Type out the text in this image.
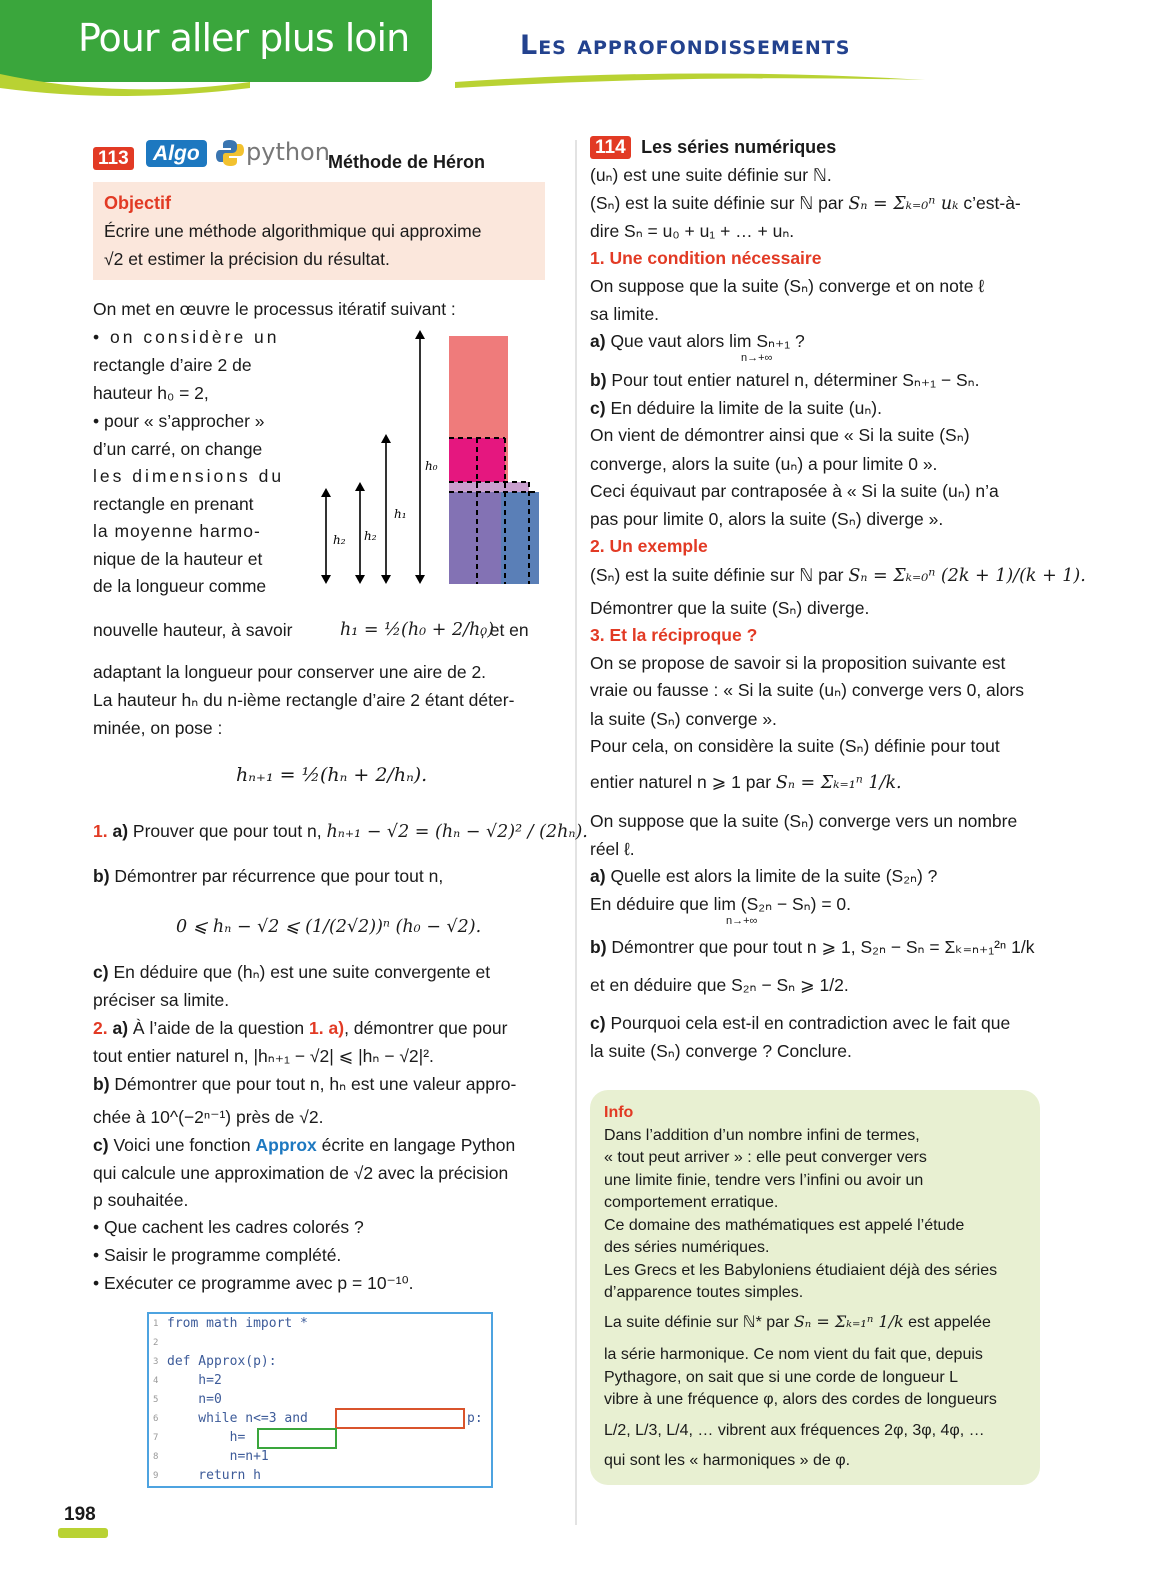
Pour aller plus loin	Les approfondissements
113	Algo python
Méthode de Héron
Objectif
Écrire une méthode algorithmique qui approxime
√2 et estimer la précision du résultat.
On met en œuvre le processus itératif suivant :
• on considère un
rectangle d’aire 2 de
hauteur h₀ = 2,
• pour « s’approcher »
d’un carré, on change
les dimensions du
rectangle en prenant
la moyenne harmo-
nique de la hauteur et
de la longueur comme
h₀
h₁
h₂
h₂
nouvelle hauteur, à savoir	h₁ = ½(h₀ + 2/h₀)
, et en
adaptant la longueur pour conserver une aire de 2.
La hauteur hₙ du n-ième rectangle d’aire 2 étant déter-
minée, on pose :
hₙ₊₁ = ½(hₙ + 2/hₙ).
1. a) Prouver que pour tout n, hₙ₊₁ − √2 = (hₙ − √2)² / (2hₙ).
b) Démontrer par récurrence que pour tout n,
0 ⩽ hₙ − √2 ⩽ (1/(2√2))ⁿ (h₀ − √2).
c) En déduire que (hₙ) est une suite convergente et
préciser sa limite.
2. a) À l’aide de la question 1. a), démontrer que pour
tout entier naturel n, |hₙ₊₁ − √2| ⩽ |hₙ − √2|².
b) Démontrer que pour tout n, hₙ est une valeur appro-
chée à 10^(−2ⁿ⁻¹) près de √2.
c) Voici une fonction Approx écrite en langage Python
qui calcule une approximation de √2 avec la précision
p souhaitée.
• Que cachent les cadres colorés ?
• Saisir le programme complété.
• Exécuter ce programme avec p = 10⁻¹⁰.
1
2
3
4
5
6
7
8
9
from math import *
def Approx(p):
h=2
n=0
while n<=3 and	p:
h=
n=n+1
return h
114 Les séries numériques
(uₙ) est une suite définie sur ℕ.
(Sₙ) est la suite définie sur ℕ par Sₙ = Σₖ₌₀ⁿ uₖ c’est-à-
dire Sₙ = u₀ + u₁ + … + uₙ.
1. Une condition nécessaire
On suppose que la suite (Sₙ) converge et on note ℓ
sa limite.
a) Que vaut alors lim Sₙ₊₁ ?
n→+∞
b) Pour tout entier naturel n, déterminer Sₙ₊₁ − Sₙ.
c) En déduire la limite de la suite (uₙ).
On vient de démontrer ainsi que « Si la suite (Sₙ)
converge, alors la suite (uₙ) a pour limite 0 ».
Ceci équivaut par contraposée à « Si la suite (uₙ) n’a
pas pour limite 0, alors la suite (Sₙ) diverge ».
2. Un exemple
(Sₙ) est la suite définie sur ℕ par Sₙ = Σₖ₌₀ⁿ (2k + 1)/(k + 1).
Démontrer que la suite (Sₙ) diverge.
3. Et la réciproque ?
On se propose de savoir si la proposition suivante est
vraie ou fausse : « Si la suite (uₙ) converge vers 0, alors
la suite (Sₙ) converge ».
Pour cela, on considère la suite (Sₙ) définie pour tout
entier naturel n ⩾ 1 par Sₙ = Σₖ₌₁ⁿ 1/k.
On suppose que la suite (Sₙ) converge vers un nombre
réel ℓ.
a) Quelle est alors la limite de la suite (S₂ₙ) ?
En déduire que lim (S₂ₙ − Sₙ) = 0.
n→+∞
b) Démontrer que pour tout n ⩾ 1, S₂ₙ − Sₙ = Σₖ₌ₙ₊₁²ⁿ 1/k
et en déduire que S₂ₙ − Sₙ ⩾ 1/2.
c) Pourquoi cela est-il en contradiction avec le fait que
la suite (Sₙ) converge ? Conclure.
Info
Dans l’addition d’un nombre infini de termes,
« tout peut arriver » : elle peut converger vers
une limite finie, tendre vers l’infini ou avoir un
comportement erratique.
Ce domaine des mathématiques est appelé l’étude
des séries numériques.
Les Grecs et les Babyloniens étudiaient déjà des séries
d’apparence toutes simples.
La suite définie sur ℕ* par Sₙ = Σₖ₌₁ⁿ 1/k est appelée
la série harmonique. Ce nom vient du fait que, depuis
Pythagore, on sait que si une corde de longueur L
vibre à une fréquence φ, alors des cordes de longueurs
L/2, L/3, L/4, … vibrent aux fréquences 2φ, 3φ, 4φ, …
qui sont les « harmoniques » de φ.
198
